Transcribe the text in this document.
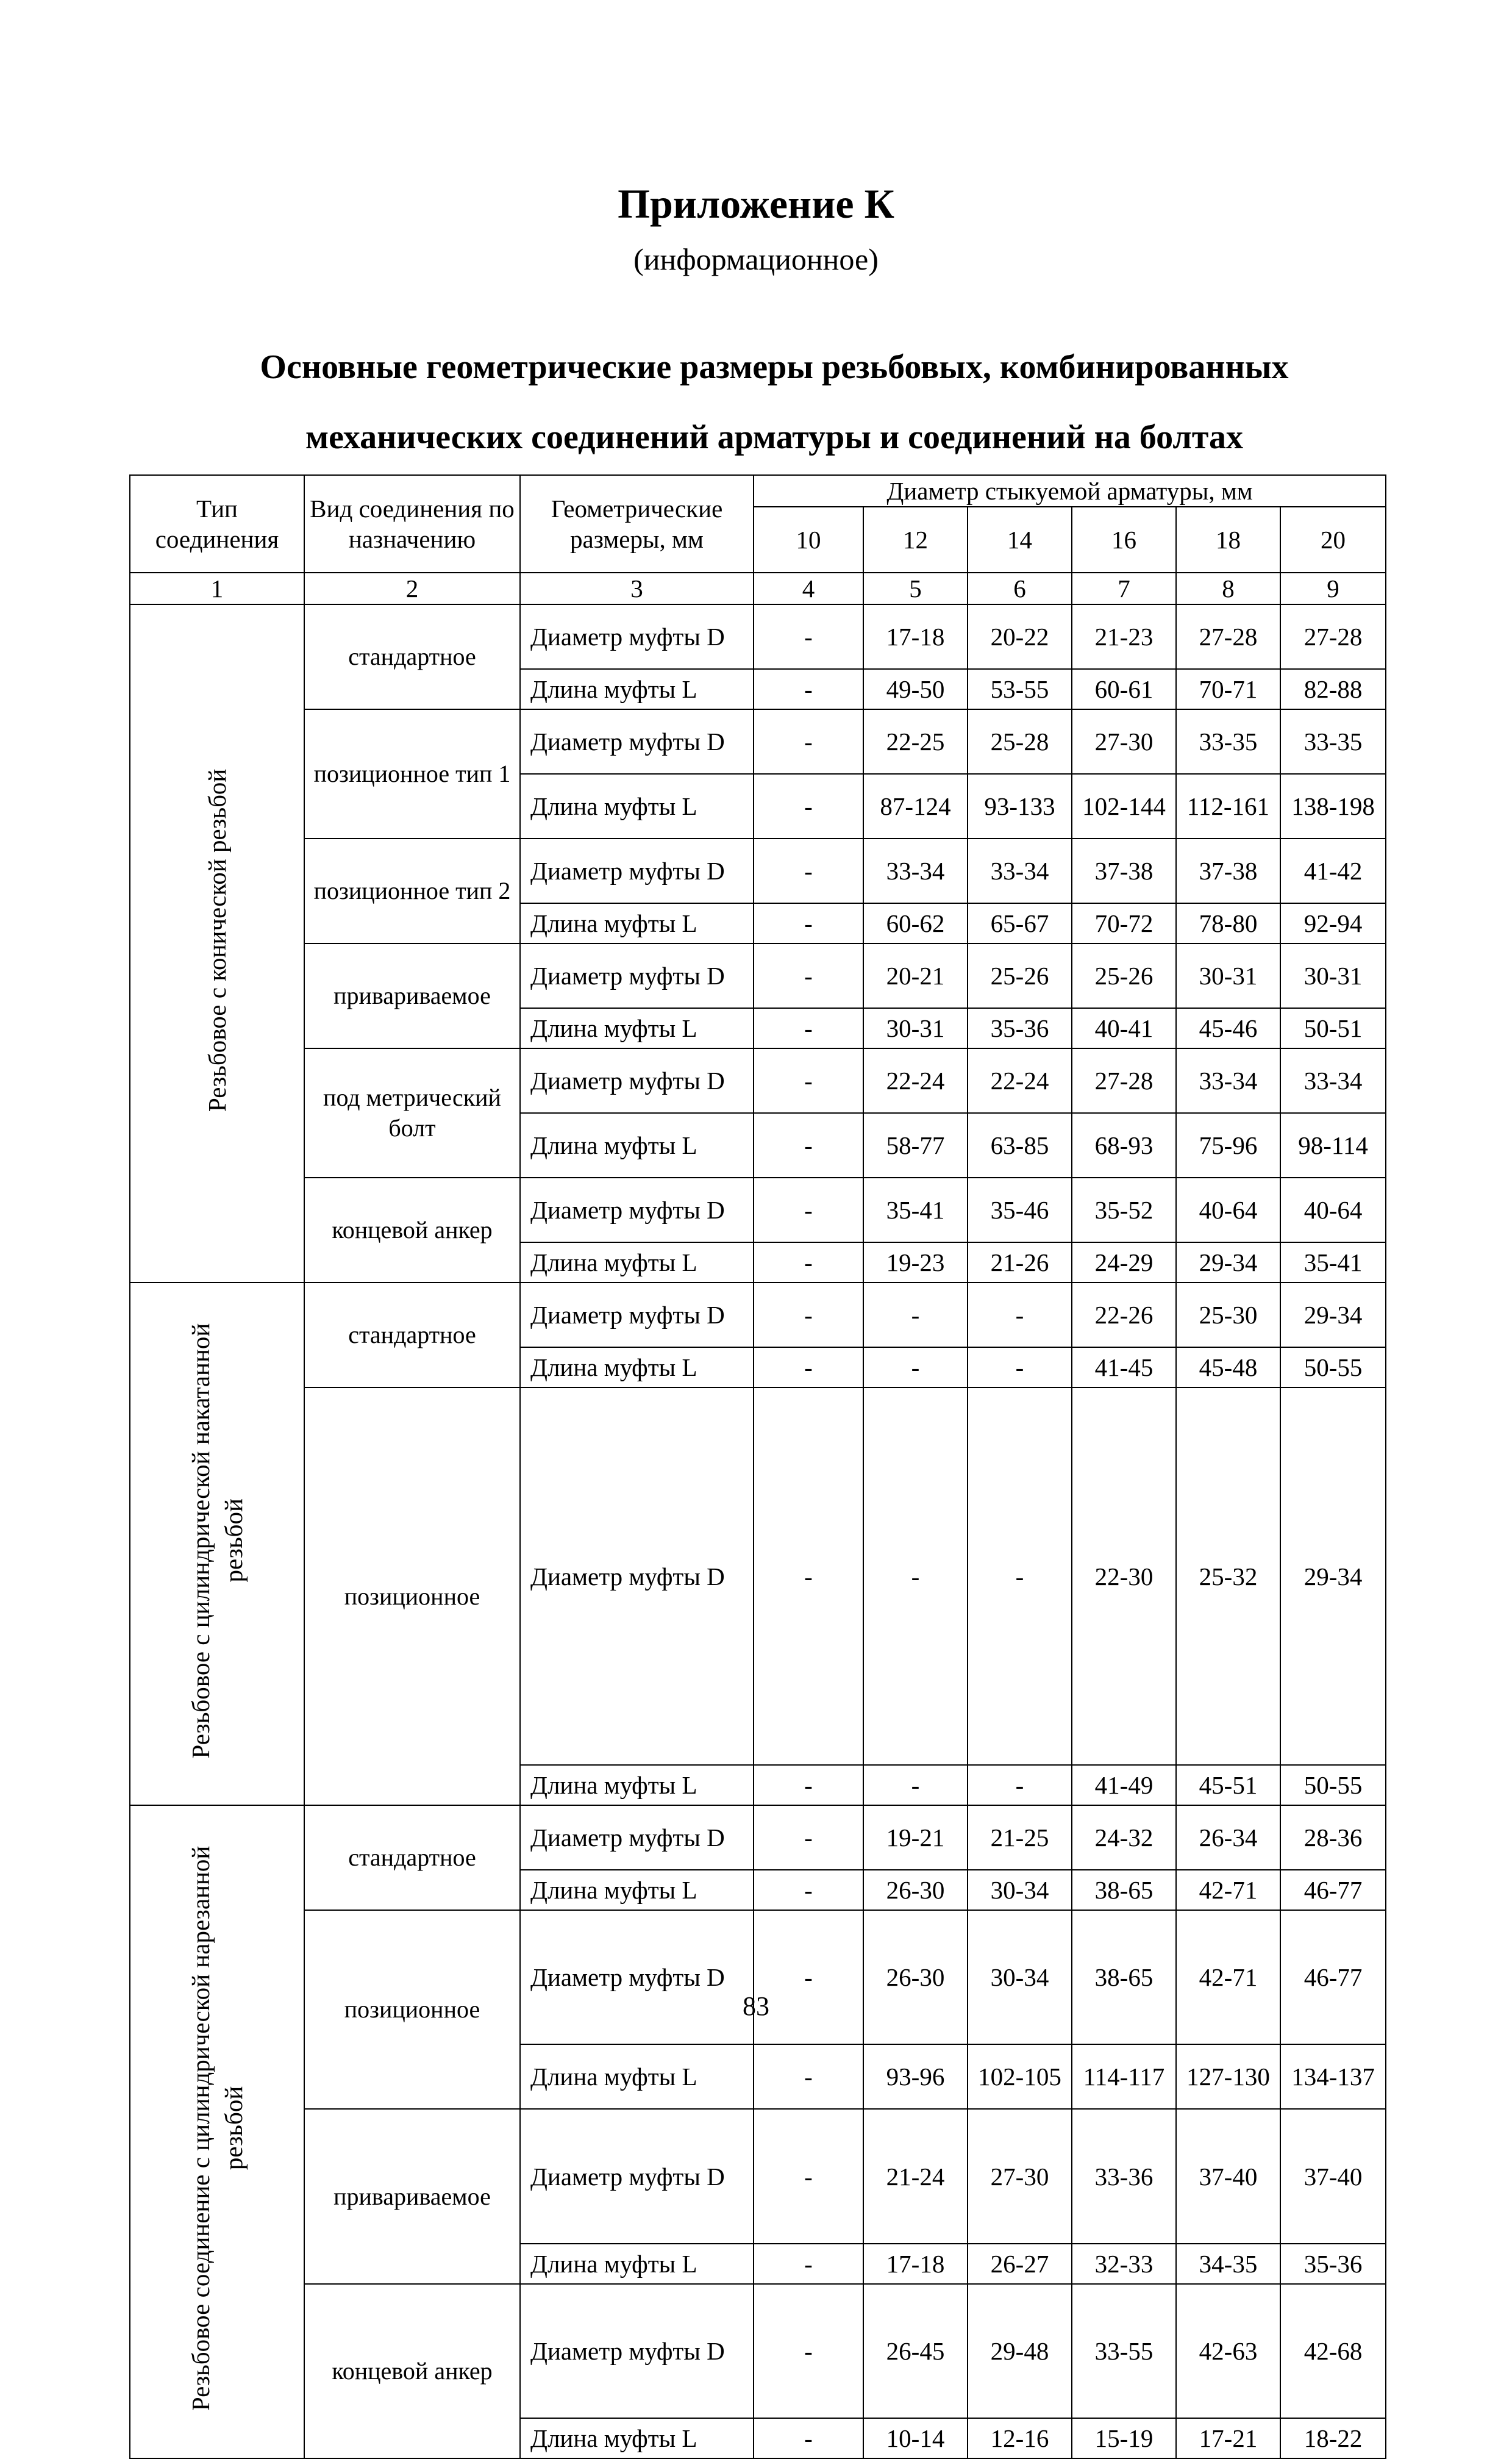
Приложение К
(информационное)
Основные геометрические размеры резьбовых, комбинированных
механических соединений арматуры и соединений на болтах
Тип соединения	Вид соединения по назначению	Геометрические размеры, мм	Диаметр стыкуемой арматуры, мм					
			10	12	14	16	18	20
1	2	3	4	5	6	7	8	9
Резьбовое с конической резьбой	стандартное	Диаметр муфты D	-	17-18	20-22	21-23	27-28	27-28
		Длина муфты L	-	49-50	53-55	60-61	70-71	82-88
	позиционное тип 1	Диаметр муфты D	-	22-25	25-28	27-30	33-35	33-35
		Длина муфты L	-	87-124	93-133	102-144	112-161	138-198
	позиционное тип 2	Диаметр муфты D	-	33-34	33-34	37-38	37-38	41-42
		Длина муфты L	-	60-62	65-67	70-72	78-80	92-94
	привариваемое	Диаметр муфты D	-	20-21	25-26	25-26	30-31	30-31
		Длина муфты L	-	30-31	35-36	40-41	45-46	50-51
	под метрический болт	Диаметр муфты D	-	22-24	22-24	27-28	33-34	33-34
		Длина муфты L	-	58-77	63-85	68-93	75-96	98-114
	концевой анкер	Диаметр муфты D	-	35-41	35-46	35-52	40-64	40-64
		Длина муфты L	-	19-23	21-26	24-29	29-34	35-41
Резьбовое с цилиндрической накатанной резьбой	стандартное	Диаметр муфты D	-	-	-	22-26	25-30	29-34
		Длина муфты L	-	-	-	41-45	45-48	50-55
	позиционное	Диаметр муфты D	-	-	-	22-30	25-32	29-34
		Длина муфты L	-	-	-	41-49	45-51	50-55
Резьбовое соединение с цилиндрической нарезанной резьбой	стандартное	Диаметр муфты D	-	19-21	21-25	24-32	26-34	28-36
		Длина муфты L	-	26-30	30-34	38-65	42-71	46-77
	позиционное	Диаметр муфты D	-	26-30	30-34	38-65	42-71	46-77
		Длина муфты L	-	93-96	102-105	114-117	127-130	134-137
	привариваемое	Диаметр муфты D	-	21-24	27-30	33-36	37-40	37-40
		Длина муфты L	-	17-18	26-27	32-33	34-35	35-36
	концевой анкер	Диаметр муфты D	-	26-45	29-48	33-55	42-63	42-68
		Длина муфты L	-	10-14	12-16	15-19	17-21	18-22
83
